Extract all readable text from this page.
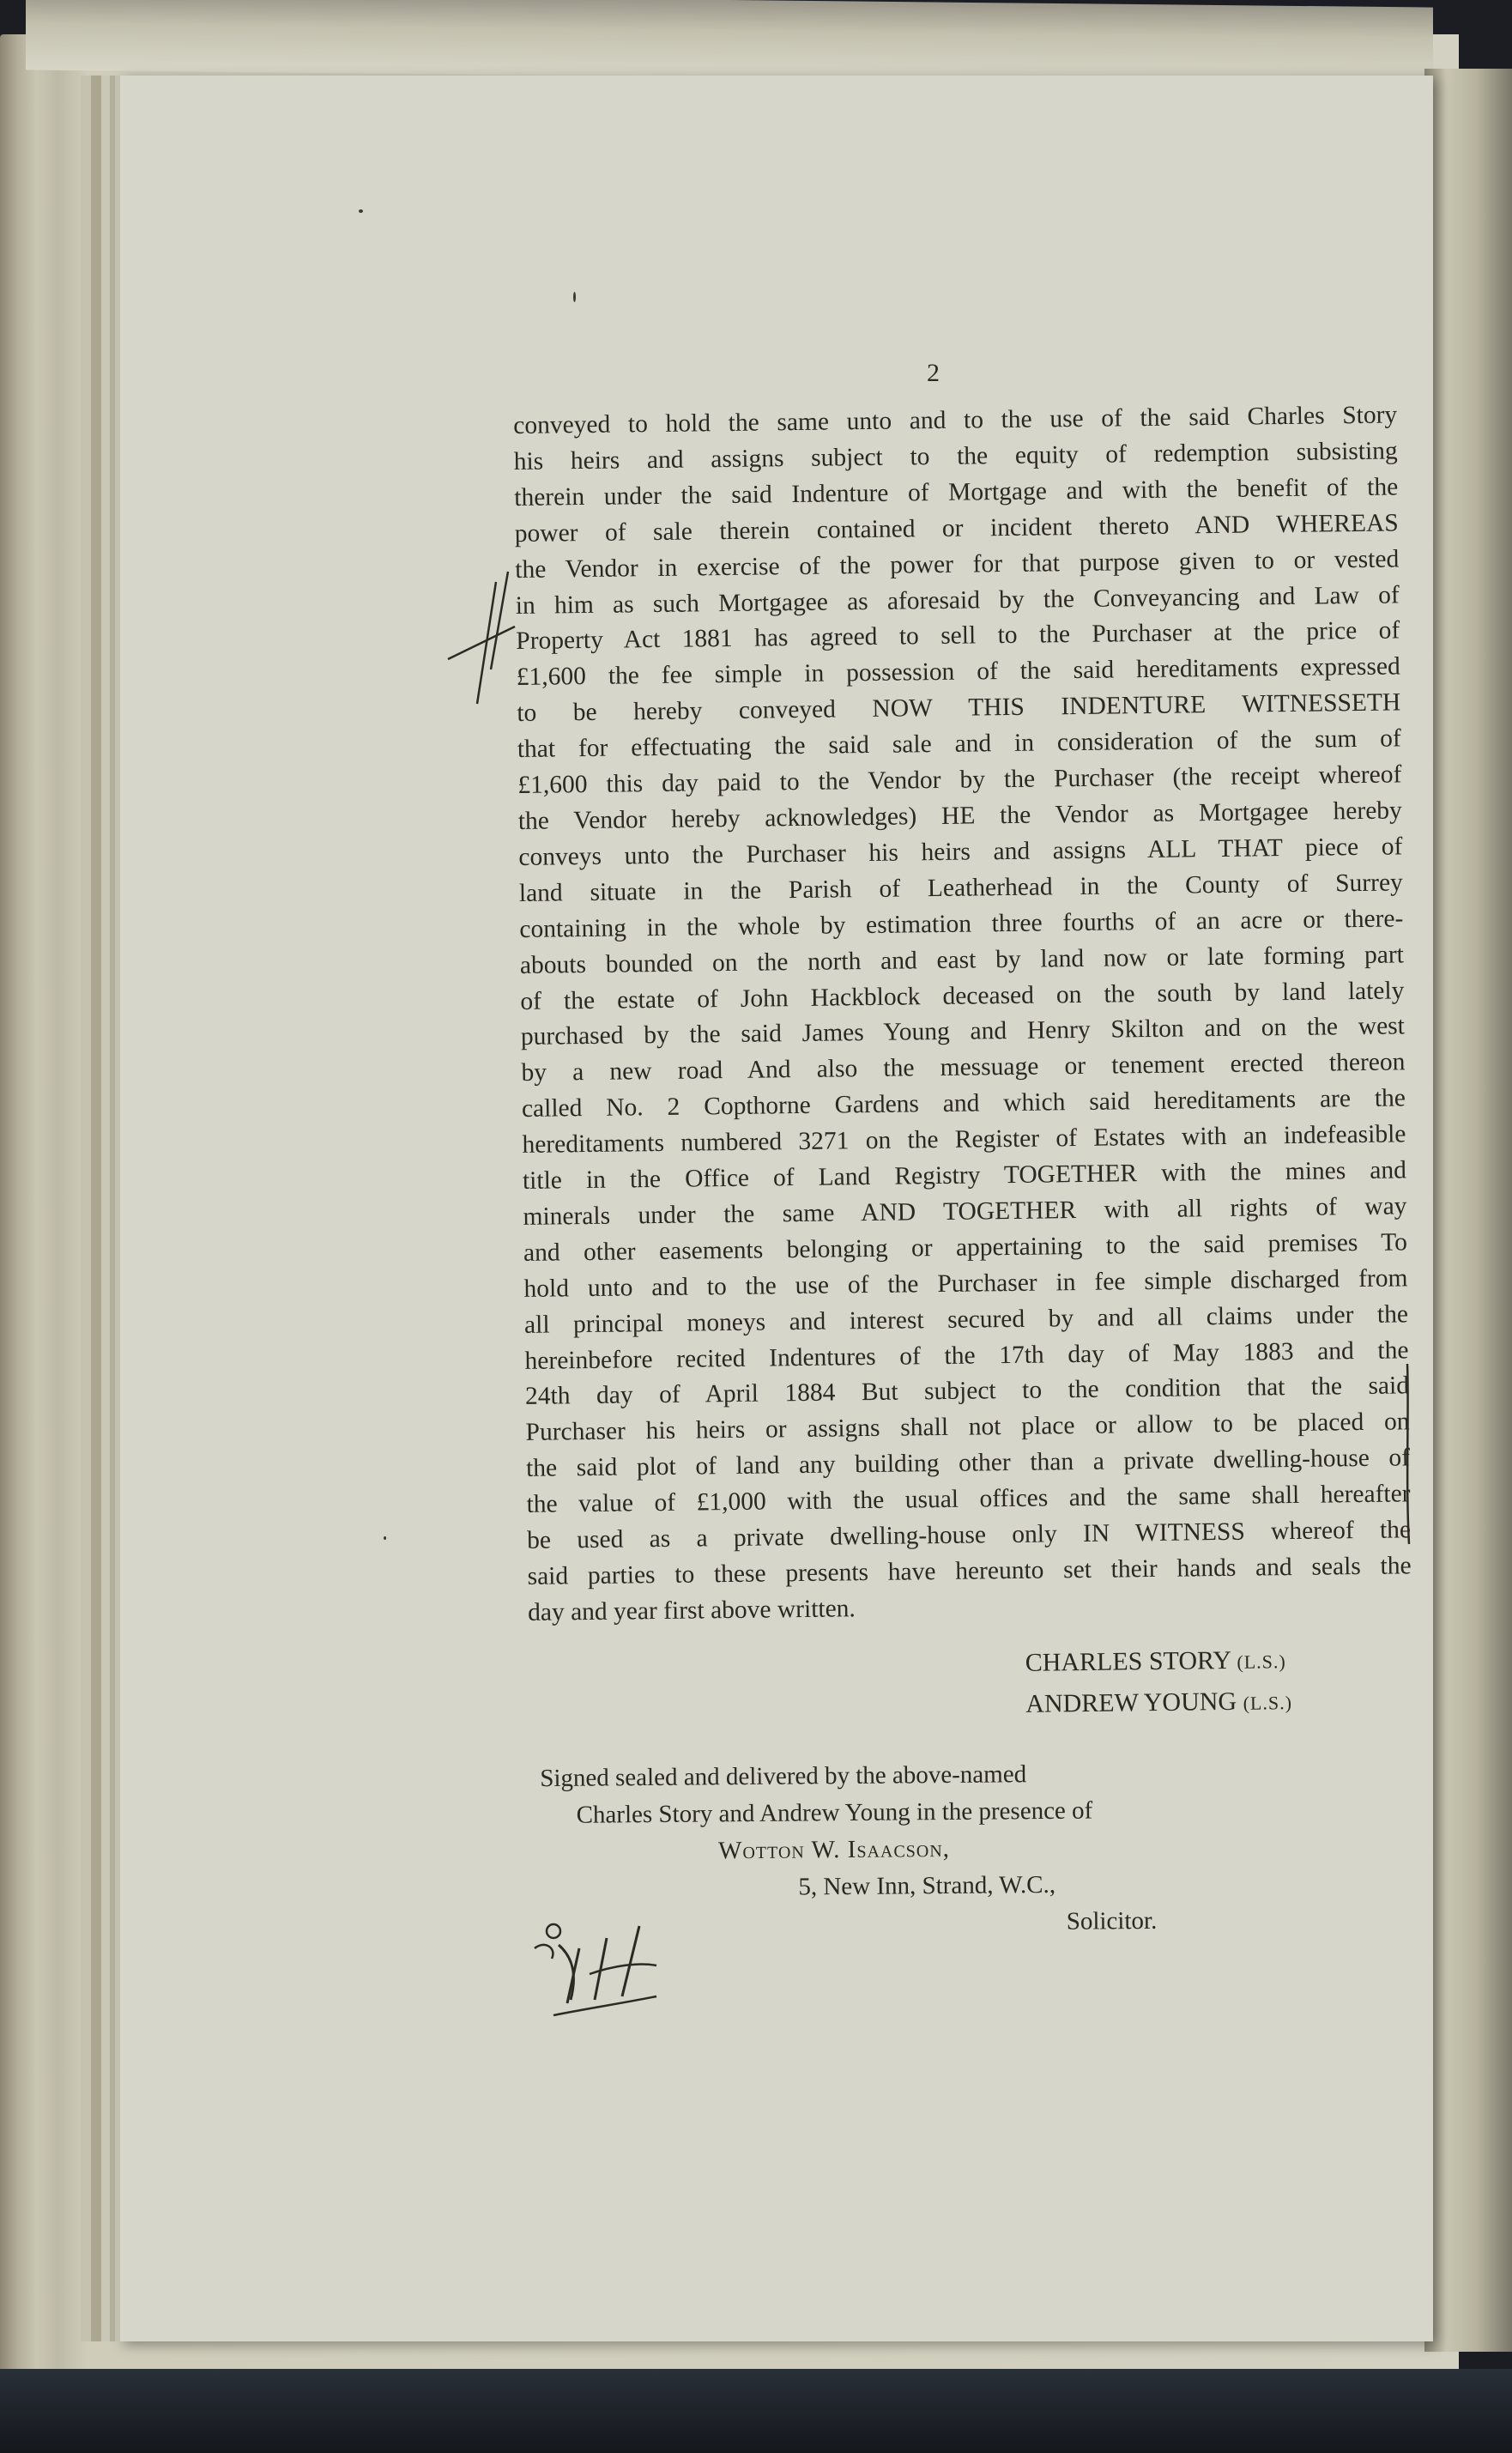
2
conveyed to hold the same unto and to the use of the said Charles Story
his heirs and assigns subject to the equity of redemption subsisting
therein under the said Indenture of Mortgage and with the benefit of the
power of sale therein contained or incident thereto AND WHEREAS
the Vendor in exercise of the power for that purpose given to or vested
in him as such Mortgagee as aforesaid by the Conveyancing and Law of
Property Act 1881 has agreed to sell to the Purchaser at the price of
£1,600 the fee simple in possession of the said hereditaments expressed
to be hereby conveyed NOW THIS INDENTURE WITNESSETH
that for effectuating the said sale and in consideration of the sum of
£1,600 this day paid to the Vendor by the Purchaser (the receipt whereof
the Vendor hereby acknowledges) HE the Vendor as Mortgagee hereby
conveys unto the Purchaser his heirs and assigns ALL THAT piece of
land situate in the Parish of Leatherhead in the County of Surrey
containing in the whole by estimation three fourths of an acre or there-
abouts bounded on the north and east by land now or late forming part
of the estate of John Hackblock deceased on the south by land lately
purchased by the said James Young and Henry Skilton and on the west
by a new road And also the messuage or tenement erected thereon
called No. 2 Copthorne Gardens and which said hereditaments are the
hereditaments numbered 3271 on the Register of Estates with an indefeasible
title in the Office of Land Registry TOGETHER with the mines and
minerals under the same AND TOGETHER with all rights of way
and other easements belonging or appertaining to the said premises To
hold unto and to the use of the Purchaser in fee simple discharged from
all principal moneys and interest secured by and all claims under the
hereinbefore recited Indentures of the 17th day of May 1883 and the
24th day of April 1884 But subject to the condition that the said
Purchaser his heirs or assigns shall not place or allow to be placed on
the said plot of land any building other than a private dwelling-house of
the value of £1,000 with the usual offices and the same shall hereafter
be used as a private dwelling-house only IN WITNESS whereof the
said parties to these presents have hereunto set their hands and seals the
day and year first above written.
CHARLES STORY (L.S.)
ANDREW YOUNG (L.S.)
Signed sealed and delivered by the above-named
Charles Story and Andrew Young in the presence of
Wotton W. Isaacson,
5, New Inn, Strand, W.C.,
Solicitor.
